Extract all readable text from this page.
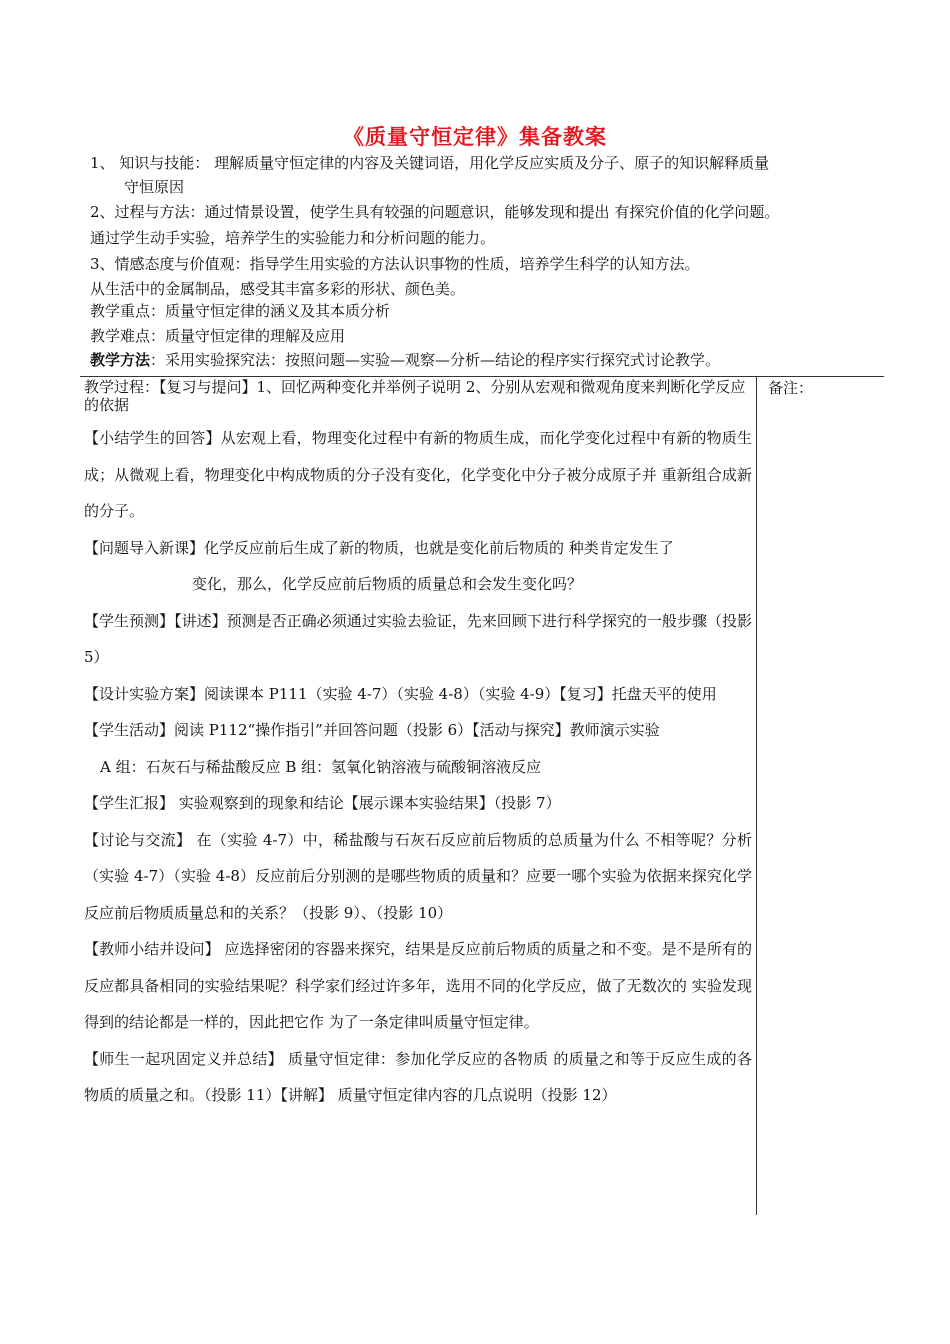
《质量守恒定律》集备教案
1、 知识与技能： 理解质量守恒定律的内容及关键词语，用化学反应实质及分子、原子的知识解释质量
守恒原因
2、过程与方法：通过情景设置，使学生具有较强的问题意识，能够发现和提出 有探究价值的化学问题。
通过学生动手实验，培养学生的实验能力和分析问题的能力。
3、情感态度与价值观：指导学生用实验的方法认识事物的性质，培养学生科学的认知方法。
从生活中的金属制品，感受其丰富多彩的形状、颜色美。
教学重点：质量守恒定律的涵义及其本质分析
教学难点：质量守恒定律的理解及应用
教学方法：采用实验探究法：按照问题—实验—观察—分析—结论的程序实行探究式讨论教学。
备注：

教学过程：【复习与提问】1、回忆两种变化并举例子说明 2、分别从宏观和微观角度来判断化学反应的依据

【小结学生的回答】从宏观上看，物理变化过程中有新的物质生成，而化学变化过程中有新的物质生成；从微观上看，物理变化中构成物质的分子没有变化，化学变化中分子被分成原子并 重新组合成新的分子。

【问题导入新课】化学反应前后生成了新的物质，也就是变化前后物质的 种类肯定发生了

变化，那么，化学反应前后物质的质量总和会发生变化吗？

【学生预测】【讲述】预测是否正确必须通过实验去验证，先来回顾下进行科学探究的一般步骤（投影 5）

【设计实验方案】阅读课本 P111（实验 4-7）（实验 4-8）（实验 4-9）【复习】托盘天平的使用

【学生活动】阅读 P112“操作指引”并回答问题（投影 6）【活动与探究】教师演示实验

A 组：石灰石与稀盐酸反应 B 组：氢氧化钠溶液与硫酸铜溶液反应

【学生汇报】 实验观察到的现象和结论【展示课本实验结果】（投影 7）

【讨论与交流】 在（实验 4-7）中，稀盐酸与石灰石反应前后物质的总质量为什么 不相等呢？分析（实验 4-7）（实验 4-8）反应前后分别测的是哪些物质的质量和？应要一哪个实验为依据来探究化学反应前后物质质量总和的关系？（投影 9）、（投影 10）

【教师小结并设问】 应选择密闭的容器来探究，结果是反应前后物质的质量之和不变。是不是所有的反应都具备相同的实验结果呢？科学家们经过许多年，选用不同的化学反应，做了无数次的 实验发现得到的结论都是一样的，因此把它作 为了一条定律叫质量守恒定律。

【师生一起巩固定义并总结】 质量守恒定律：参加化学反应的各物质 的质量之和等于反应生成的各物质的质量之和。（投影 11）【讲解】 质量守恒定律内容的几点说明（投影 12）
